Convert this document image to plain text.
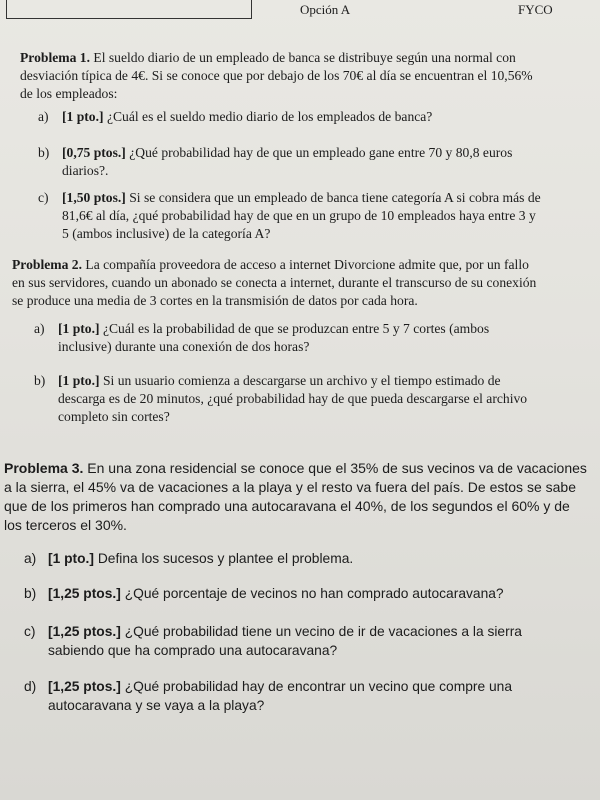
Opción A	FYCO
Problema 1. El sueldo diario de un empleado de banca se distribuye según una normal con
desviación típica de 4€. Si se conoce que por debajo de los 70€ al día se encuentran el 10,56%
de los empleados:
a) [1 pto.] ¿Cuál es el sueldo medio diario de los empleados de banca?
b) [0,75 ptos.] ¿Qué probabilidad hay de que un empleado gane entre 70 y 80,8 euros
diarios?.
c) [1,50 ptos.] Si se considera que un empleado de banca tiene categoría A si cobra más de
81,6€ al día, ¿qué probabilidad hay de que en un grupo de 10 empleados haya entre 3 y
5 (ambos inclusive) de la categoría A?
Problema 2. La compañía proveedora de acceso a internet Divorcione admite que, por un fallo
en sus servidores, cuando un abonado se conecta a internet, durante el transcurso de su conexión
se produce una media de 3 cortes en la transmisión de datos por cada hora.
a) [1 pto.] ¿Cuál es la probabilidad de que se produzcan entre 5 y 7 cortes (ambos
inclusive) durante una conexión de dos horas?
b) [1 pto.] Si un usuario comienza a descargarse un archivo y el tiempo estimado de
descarga es de 20 minutos, ¿qué probabilidad hay de que pueda descargarse el archivo
completo sin cortes?
Problema 3. En una zona residencial se conoce que el 35% de sus vecinos va de vacaciones
a la sierra, el 45% va de vacaciones a la playa y el resto va fuera del país. De estos se sabe
que de los primeros han comprado una autocaravana el 40%, de los segundos el 60% y de
los terceros el 30%.
a) [1 pto.] Defina los sucesos y plantee el problema.
b) [1,25 ptos.] ¿Qué porcentaje de vecinos no han comprado autocaravana?
c) [1,25 ptos.] ¿Qué probabilidad tiene un vecino de ir de vacaciones a la sierra
sabiendo que ha comprado una autocaravana?
d) [1,25 ptos.] ¿Qué probabilidad hay de encontrar un vecino que compre una
autocaravana y se vaya a la playa?
